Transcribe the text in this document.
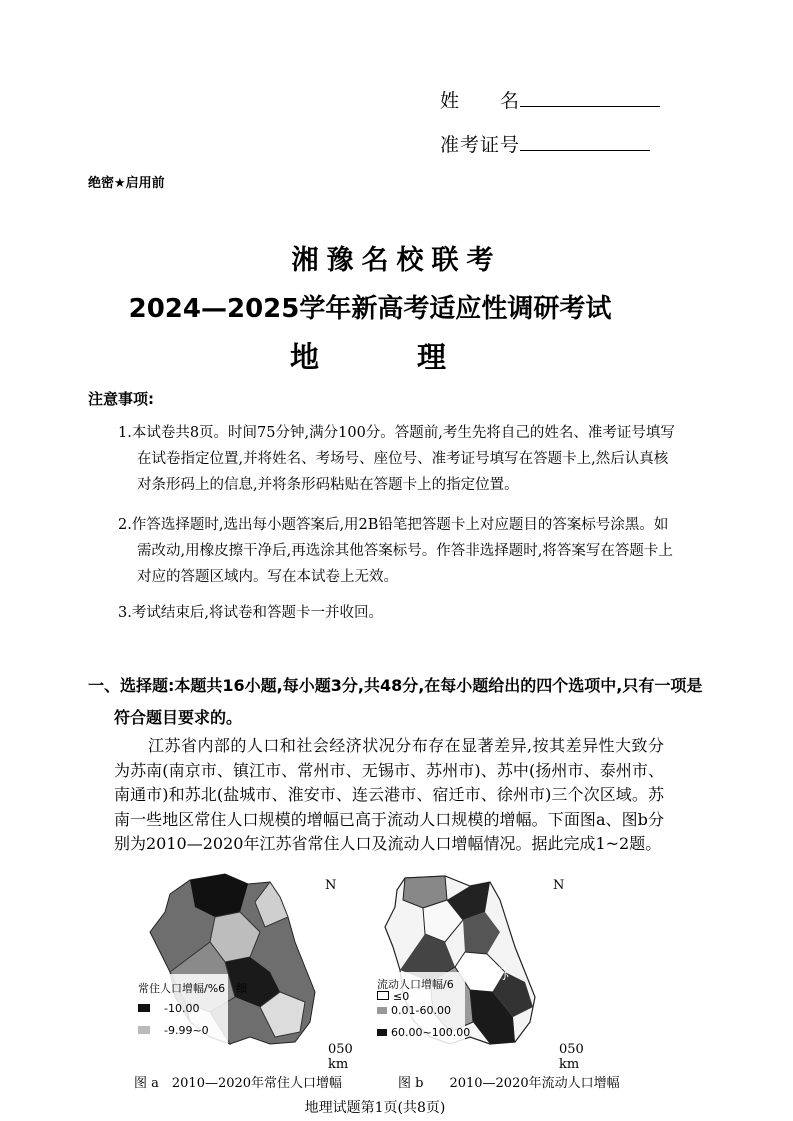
姓　　名
准考证号
绝密★启用前
湘豫名校联考
2024—2025学年新高考适应性调研考试
地 理
注意事项:
1.本试卷共8页。时间75分钟,满分100分。答题前,考生先将自己的姓名、准考证号填写在试卷指定位置,并将姓名、考场号、座位号、准考证号填写在答题卡上,然后认真核对条形码上的信息,并将条形码粘贴在答题卡上的指定位置。
2.作答选择题时,选出每小题答案后,用2B铅笔把答题卡上对应题目的答案标号涂黑。如需改动,用橡皮擦干净后,再选涂其他答案标号。作答非选择题时,将答案写在答题卡上对应的答题区域内。写在本试卷上无效。
3.考试结束后,将试卷和答题卡一并收回。
一、选择题:本题共16小题,每小题3分,共48分,在每小题给出的四个选项中,只有一项是符合题目要求的。
江苏省内部的人口和社会经济状况分布存在显著差异,按其差异性大致分为苏南(南京市、镇江市、常州市、无锡市、苏州市)、苏中(扬州市、泰州市、南通市)和苏北(盐城市、淮安市、连云港市、宿迁市、徐州市)三个次区域。苏南一些地区常住人口规模的增幅已高于流动人口规模的增幅。下面图a、图b分别为2010—2020年江苏省常住人口及流动人口增幅情况。据此完成1~2题。
N
常住人口增幅/%6　细
-10.00
-9.99~0
050 km
N
苏
流动人口增幅/6
≤0
0.01-60.00
60.00~100.00
050 km
图 a　2010—2020年常住人口增幅	图 b　　2010—2020年流动人口增幅
地理试题第1页(共8页)
